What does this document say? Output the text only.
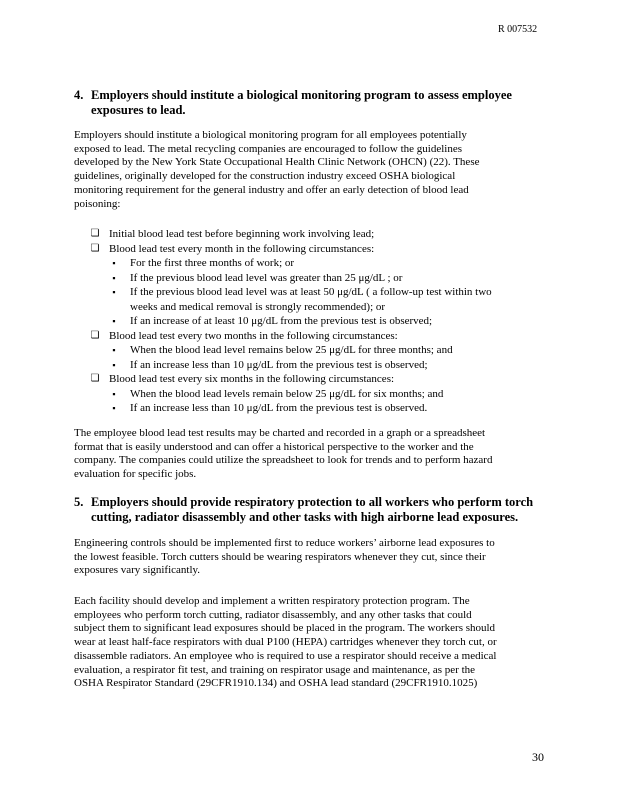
R 007532
4. Employers should institute a biological monitoring program to assess employee
exposures to lead.
Employers should institute a biological monitoring program for all employees potentially
exposed to lead. The metal recycling companies are encouraged to follow the guidelines
developed by the New York State Occupational Health Clinic Network (OHCN) (22). These
guidelines, originally developed for the construction industry exceed OSHA biological
monitoring requirement for the general industry and offer an early detection of blood lead
poisoning:
❏ Initial blood lead test before beginning work involving lead;
❏ Blood lead test every month in the following circumstances:
▪	For the first three months of work; or
▪	If the previous blood lead level was greater than 25 μg/dL ; or
▪	If the previous blood lead level was at least 50 μg/dL ( a follow-up test within two
weeks and medical removal is strongly recommended); or
▪	If an increase of at least 10 μg/dL from the previous test is observed;
❏ Blood lead test every two months in the following circumstances:
▪	When the blood lead level remains below 25 μg/dL for three months; and
▪	If an increase less than 10 μg/dL from the previous test is observed;
❏ Blood lead test every six months in the following circumstances:
▪	When the blood lead levels remain below 25 μg/dL for six months; and
▪	If an increase less than 10 μg/dL from the previous test is observed.
The employee blood lead test results may be charted and recorded in a graph or a spreadsheet
format that is easily understood and can offer a historical perspective to the worker and the
company. The companies could utilize the spreadsheet to look for trends and to perform hazard
evaluation for specific jobs.
5. Employers should provide respiratory protection to all workers who perform torch
cutting, radiator disassembly and other tasks with high airborne lead exposures.
Engineering controls should be implemented first to reduce workers’ airborne lead exposures to
the lowest feasible. Torch cutters should be wearing respirators whenever they cut, since their
exposures vary significantly.
Each facility should develop and implement a written respiratory protection program. The
employees who perform torch cutting, radiator disassembly, and any other tasks that could
subject them to significant lead exposures should be placed in the program. The workers should
wear at least half-face respirators with dual P100 (HEPA) cartridges whenever they torch cut, or
disassemble radiators. An employee who is required to use a respirator should receive a medical
evaluation, a respirator fit test, and training on respirator usage and maintenance, as per the
OSHA Respirator Standard (29CFR1910.134) and OSHA lead standard (29CFR1910.1025)
30
